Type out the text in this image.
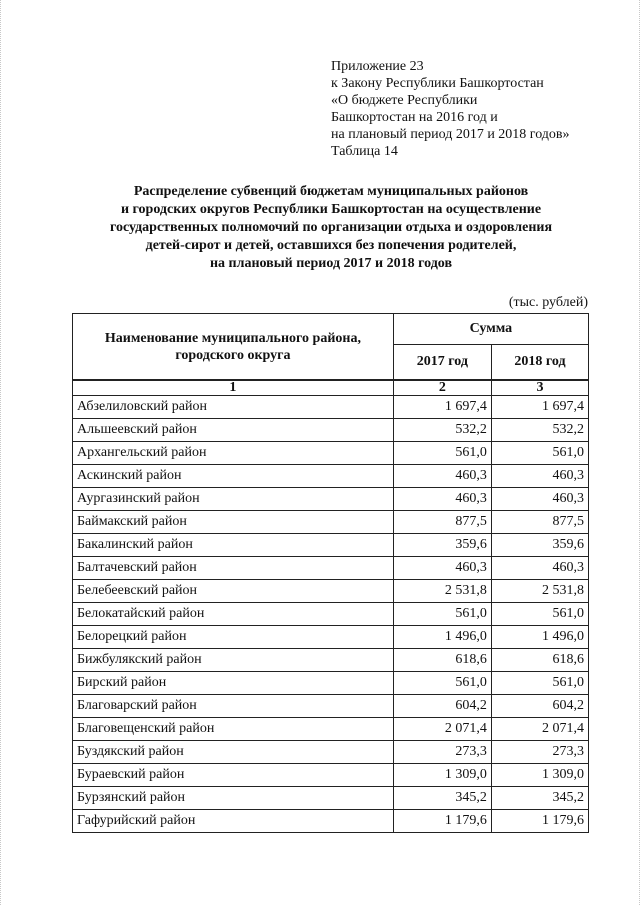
Приложение 23
к Закону Республики Башкортостан
«О бюджете Республики
Башкортостан на 2016 год и
на плановый период 2017 и 2018 годов»
Таблица 14
Распределение субвенций бюджетам муниципальных районов
и городских округов Республики Башкортостан на осуществление
государственных полномочий по организации отдыха и оздоровления
детей-сирот и детей, оставшихся без попечения родителей,
на плановый период 2017 и 2018 годов
(тыс. рублей)
Наименование муниципального района, городского округа	Сумма	
	2017 год	2018 год
1	2	3
Абзелиловский район	1 697,4	1 697,4
Альшеевский район	532,2	532,2
Архангельский район	561,0	561,0
Аскинский район	460,3	460,3
Аургазинский район	460,3	460,3
Баймакский район	877,5	877,5
Бакалинский район	359,6	359,6
Балтачевский район	460,3	460,3
Белебеевский район	2 531,8	2 531,8
Белокатайский район	561,0	561,0
Белорецкий район	1 496,0	1 496,0
Бижбулякский район	618,6	618,6
Бирский район	561,0	561,0
Благоварский район	604,2	604,2
Благовещенский район	2 071,4	2 071,4
Буздякский район	273,3	273,3
Бураевский район	1 309,0	1 309,0
Бурзянский район	345,2	345,2
Гафурийский район	1 179,6	1 179,6
